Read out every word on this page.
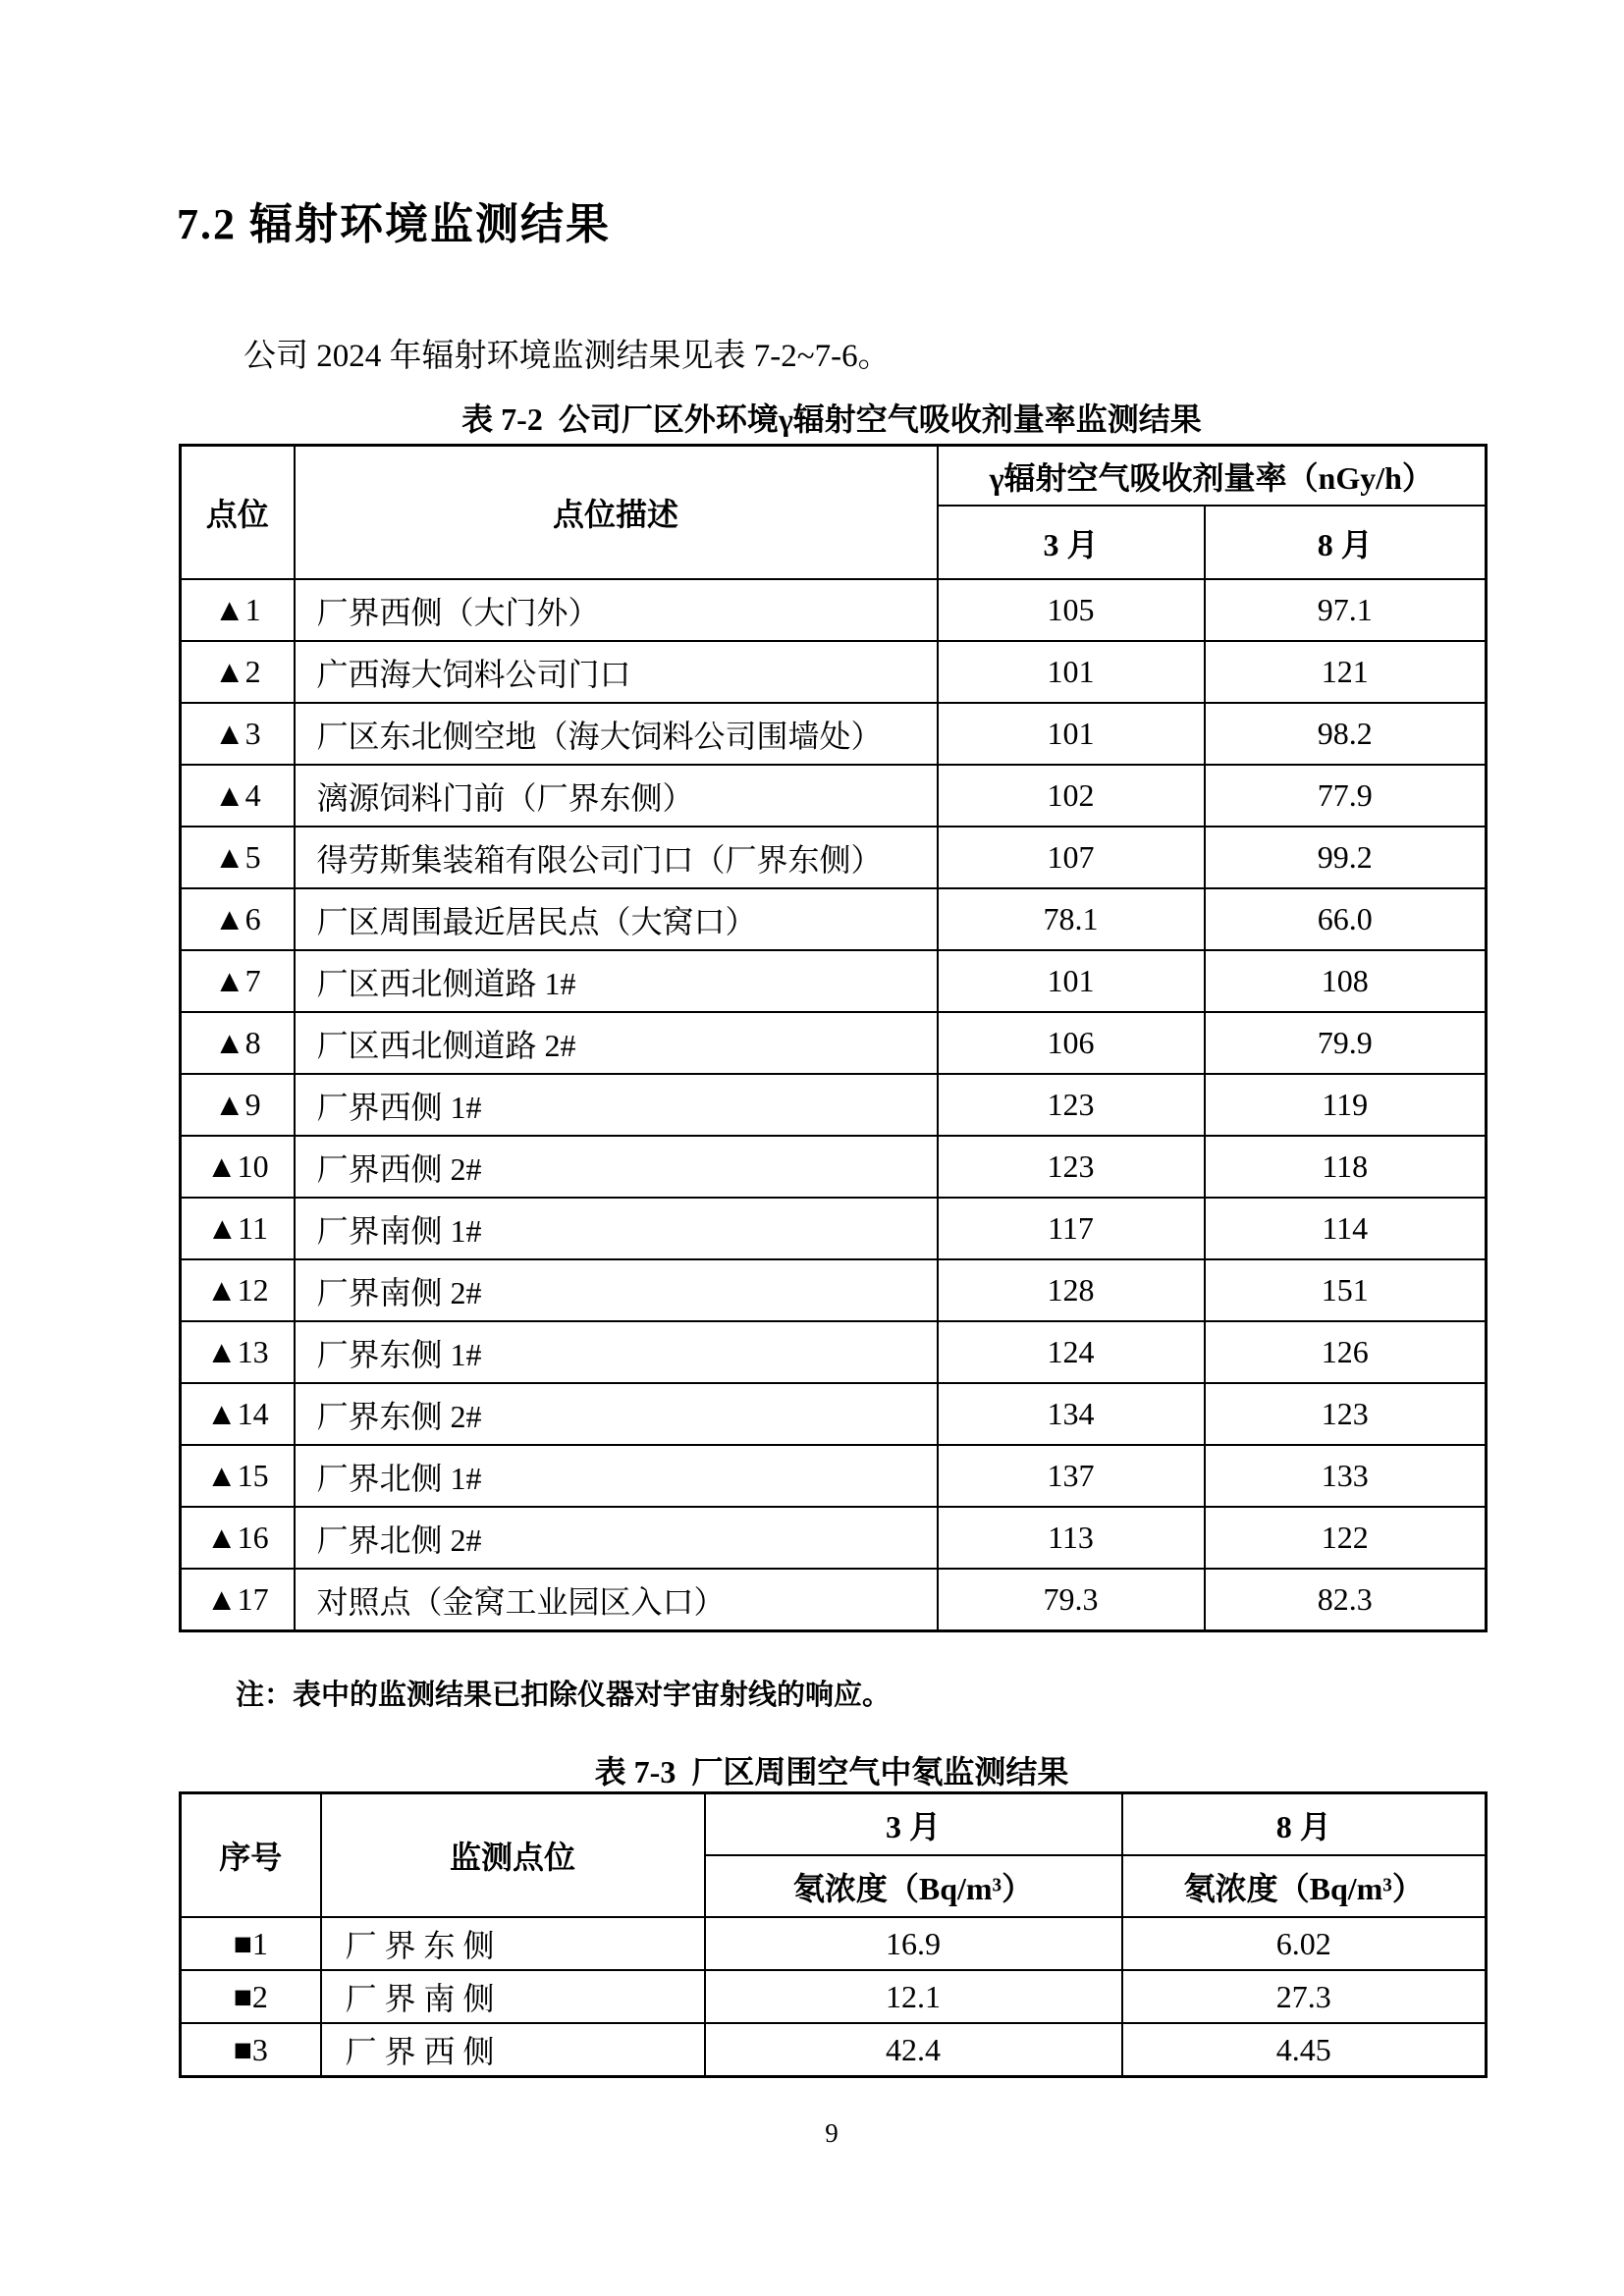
7.2 辐射环境监测结果
公司 2024 年辐射环境监测结果见表 7-2~7-6。
表 7-2  公司厂区外环境γ辐射空气吸收剂量率监测结果
点位	点位描述	γ辐射空气吸收剂量率（nGy/h）	
		3 月	8 月
▲1	厂界西侧（大门外）	105	97.1
▲2	广西海大饲料公司门口	101	121
▲3	厂区东北侧空地（海大饲料公司围墙处）	101	98.2
▲4	漓源饲料门前（厂界东侧）	102	77.9
▲5	得劳斯集装箱有限公司门口（厂界东侧）	107	99.2
▲6	厂区周围最近居民点（大窝口）	78.1	66.0
▲7	厂区西北侧道路 1#	101	108
▲8	厂区西北侧道路 2#	106	79.9
▲9	厂界西侧 1#	123	119
▲10	厂界西侧 2#	123	118
▲11	厂界南侧 1#	117	114
▲12	厂界南侧 2#	128	151
▲13	厂界东侧 1#	124	126
▲14	厂界东侧 2#	134	123
▲15	厂界北侧 1#	137	133
▲16	厂界北侧 2#	113	122
▲17	对照点（金窝工业园区入口）	79.3	82.3
注：表中的监测结果已扣除仪器对宇宙射线的响应。
表 7-3  厂区周围空气中氡监测结果
序号	监测点位	3 月	8 月
		氡浓度（Bq/m³）	氡浓度（Bq/m³）
■1	厂界东侧	16.9	6.02
■2	厂界南侧	12.1	27.3
■3	厂界西侧	42.4	4.45
9
